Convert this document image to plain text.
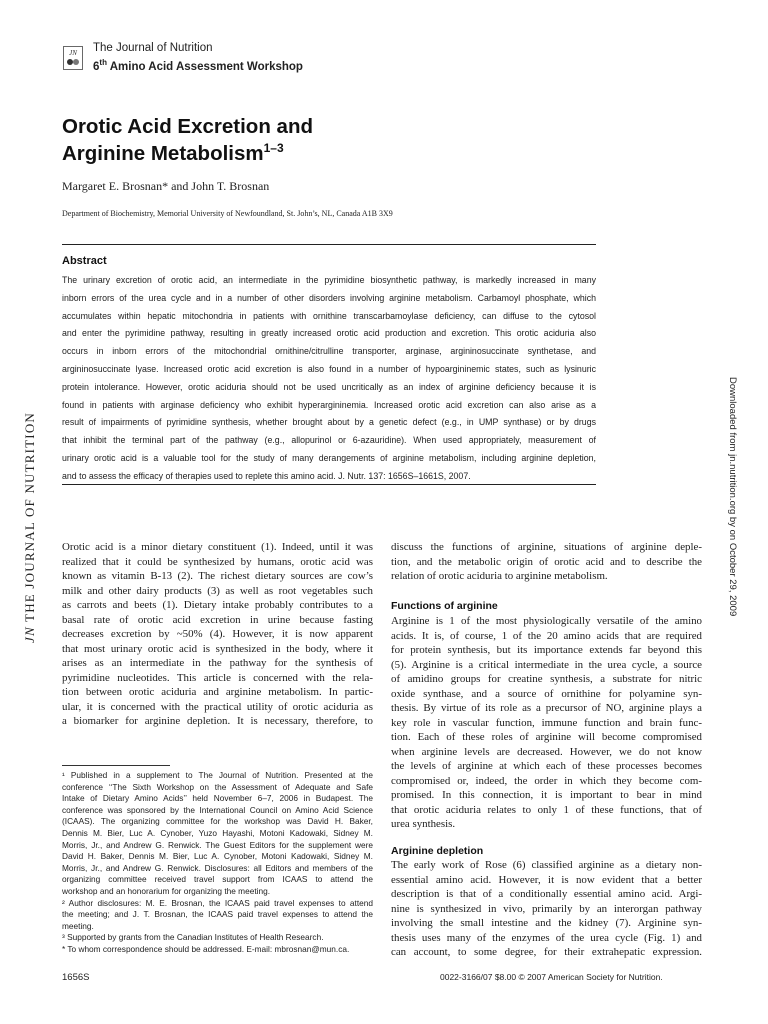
JN The Journal of Nutrition
6th Amino Acid Assessment Workshop
Orotic Acid Excretion and
Arginine Metabolism$^{1-3}$
Margaret E. Brosnan* and John T. Brosnan
Department of Biochemistry, Memorial University of Newfoundland, St. John’s, NL, Canada A1B 3X9
Abstract
The urinary excretion of orotic acid, an intermediate in the pyrimidine biosynthetic pathway, is markedly increased in many
inborn errors of the urea cycle and in a number of other disorders involving arginine metabolism. Carbamoyl phosphate, which
accumulates within hepatic mitochondria in patients with ornithine transcarbamoylase deficiency, can diffuse to the cytosol
and enter the pyrimidine pathway, resulting in greatly increased orotic acid production and excretion. This orotic aciduria also
occurs in inborn errors of the mitochondrial ornithine/citrulline transporter, arginase, argininosuccinate synthetase, and
argininosuccinate lyase. Increased orotic acid excretion is also found in a number of hypoargininemic states, such as lysinuric
protein intolerance. However, orotic aciduria should not be used uncritically as an index of arginine deficiency because it is
found in patients with arginase deficiency who exhibit hyperargininemia. Increased orotic acid excretion can also arise as a
result of impairments of pyrimidine synthesis, whether brought about by a genetic defect (e.g., in UMP synthase) or by drugs
that inhibit the terminal part of the pathway (e.g., allopurinol or 6-azauridine). When used appropriately, measurement of
urinary orotic acid is a valuable tool for the study of many derangements of arginine metabolism, including arginine depletion,
and to assess the efficacy of therapies used to replete this amino acid. J. Nutr. 137: 1656S–1661S, 2007.
JN THE JOURNAL OF NUTRITION	Downloaded from jn.nutrition.org by on October 29, 2009
Orotic acid is a minor dietary constituent (1). Indeed, until it was
realized that it could be synthesized by humans, orotic acid was
known as vitamin B-13 (2). The richest dietary sources are cow’s
milk and other dairy products (3) as well as root vegetables such
as carrots and beets (1). Dietary intake probably contributes to a
basal rate of orotic acid excretion in urine because fasting
decreases excretion by ~50% (4). However, it is now apparent
that most urinary orotic acid is synthesized in the body, where it
arises as an intermediate in the pathway for the synthesis of
pyrimidine nucleotides. This article is concerned with the rela-
tion between orotic aciduria and arginine metabolism. In partic-
ular, it is concerned with the practical utility of orotic aciduria as
a biomarker for arginine depletion. It is necessary, therefore, to
discuss the functions of arginine, situations of arginine deple-
tion, and the metabolic origin of orotic acid and to describe the
relation of orotic aciduria to arginine metabolism.
Functions of arginine
Arginine is 1 of the most physiologically versatile of the amino
acids. It is, of course, 1 of the 20 amino acids that are required
for protein synthesis, but its importance extends far beyond this
(5). Arginine is a critical intermediate in the urea cycle, a source
of amidino groups for creatine synthesis, a substrate for nitric
oxide synthase, and a source of ornithine for polyamine syn-
thesis. By virtue of its role as a precursor of NO, arginine plays a
key role in vascular function, immune function and brain func-
tion. Each of these roles of arginine will become compromised
when arginine levels are decreased. However, we do not know
the levels of arginine at which each of these processes becomes
compromised or, indeed, the order in which they become com-
promised. In this connection, it is important to bear in mind
that orotic aciduria relates to only 1 of these functions, that of
urea synthesis.
Arginine depletion
The early work of Rose (6) classified arginine as a dietary non-
essential amino acid. However, it is now evident that a better
description is that of a conditionally essential amino acid. Argi-
nine is synthesized in vivo, primarily by an interorgan pathway
involving the small intestine and the kidney (7). Arginine syn-
thesis uses many of the enzymes of the urea cycle (Fig. 1) and
can account, to some degree, for their extrahepatic expression.
¹ Published in a supplement to The Journal of Nutrition. Presented at the
conference ‘‘The Sixth Workshop on the Assessment of Adequate and Safe
Intake of Dietary Amino Acids’’ held November 6–7, 2006 in Budapest. The
conference was sponsored by the International Council on Amino Acid Science
(ICAAS). The organizing committee for the workshop was David H. Baker,
Dennis M. Bier, Luc A. Cynober, Yuzo Hayashi, Motoni Kadowaki, Sidney M.
Morris, Jr., and Andrew G. Renwick. The Guest Editors for the supplement were
David H. Baker, Dennis M. Bier, Luc A. Cynober, Motoni Kadowaki, Sidney M.
Morris, Jr., and Andrew G. Renwick. Disclosures: all Editors and members of the
organizing committee received travel support from ICAAS to attend the
workshop and an honorarium for organizing the meeting.
² Author disclosures: M. E. Brosnan, the ICAAS paid travel expenses to attend
the meeting; and J. T. Brosnan, the ICAAS paid travel expenses to attend the
meeting.
³ Supported by grants from the Canadian Institutes of Health Research.
* To whom correspondence should be addressed. E-mail: mbrosnan@mun.ca.
1656S	0022-3166/07 $8.00 © 2007 American Society for Nutrition.
